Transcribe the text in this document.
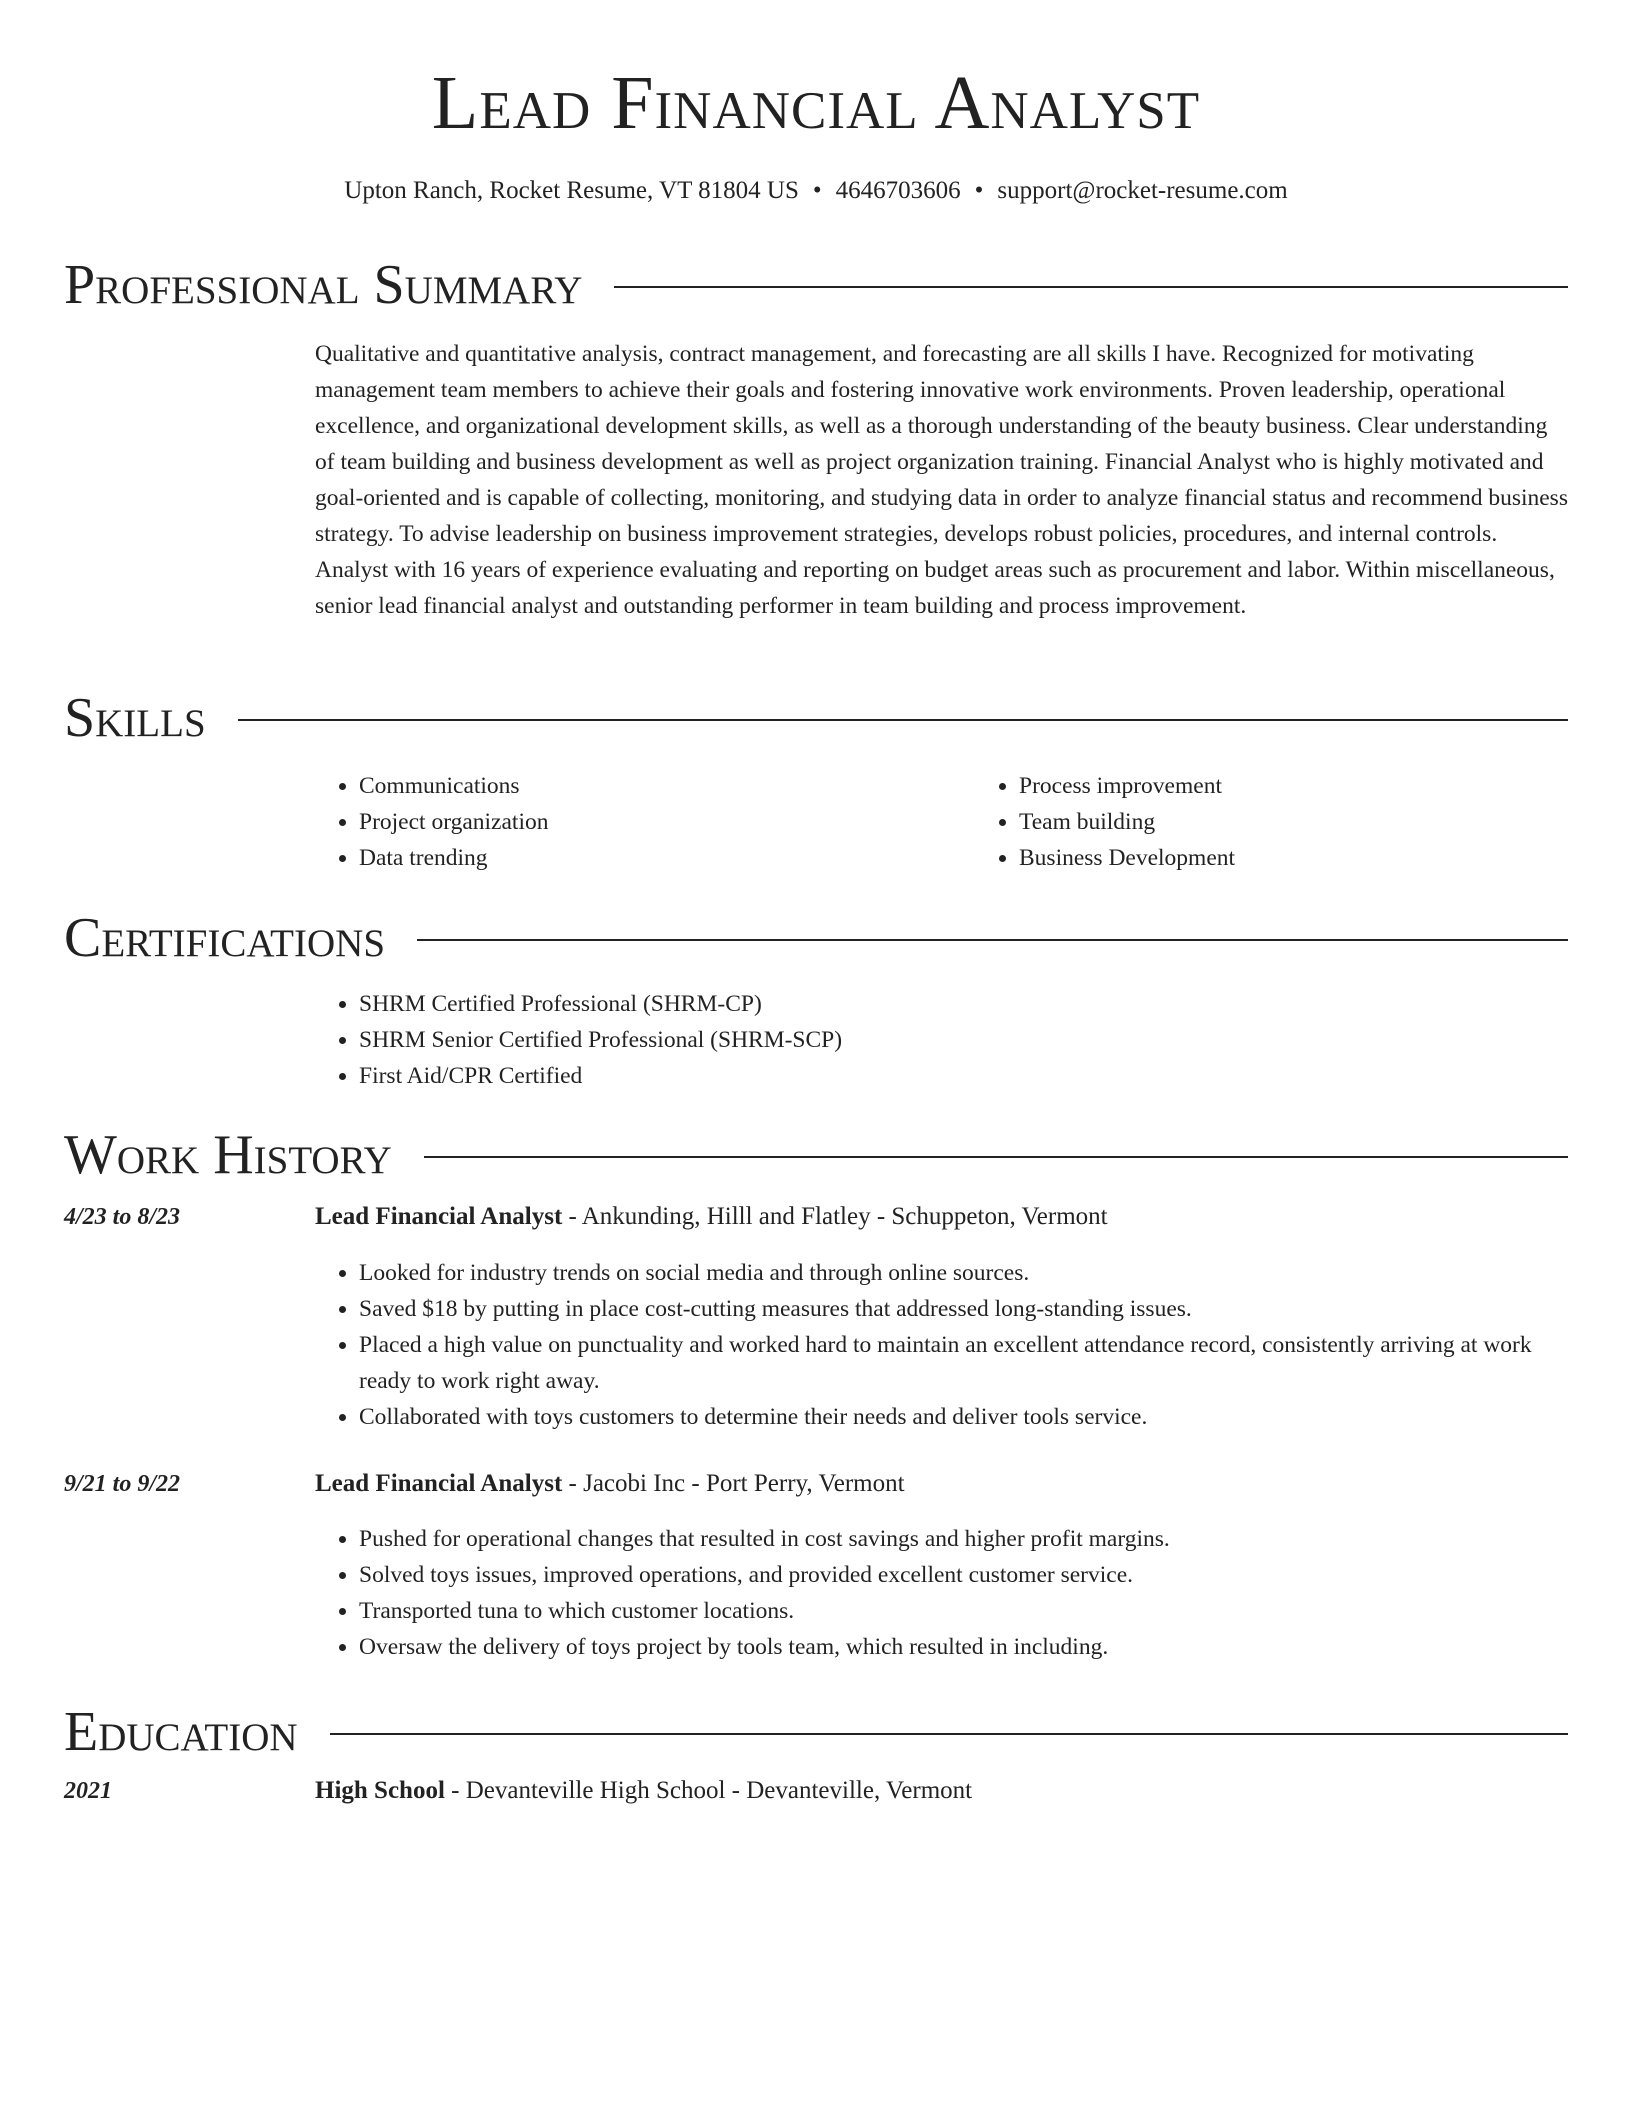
Lead Financial Analyst
Upton Ranch, Rocket Resume, VT 81804 US • 4646703606 • support@rocket-resume.com
Professional Summary
Qualitative and quantitative analysis, contract management, and forecasting are all skills I have. Recognized for motivating management team members to achieve their goals and fostering innovative work environments. Proven leadership, operational excellence, and organizational development skills, as well as a thorough understanding of the beauty business. Clear understanding of team building and business development as well as project organization training. Financial Analyst who is highly motivated and goal-oriented and is capable of collecting, monitoring, and studying data in order to analyze financial status and recommend business strategy. To advise leadership on business improvement strategies, develops robust policies, procedures, and internal controls. Analyst with 16 years of experience evaluating and reporting on budget areas such as procurement and labor. Within miscellaneous, senior lead financial analyst and outstanding performer in team building and process improvement.
Skills
• Communications
• Project organization
• Data trending
• Process improvement
• Team building
• Business Development
Certifications
• SHRM Certified Professional (SHRM-CP)
• SHRM Senior Certified Professional (SHRM-SCP)
• First Aid/CPR Certified
Work History
4/23 to 8/23	Lead Financial Analyst - Ankunding, Hilll and Flatley - Schuppeton, Vermont
• Looked for industry trends on social media and through online sources.
• Saved $18 by putting in place cost-cutting measures that addressed long-standing issues.
• Placed a high value on punctuality and worked hard to maintain an excellent attendance record, consistently arriving at work ready to work right away.
• Collaborated with toys customers to determine their needs and deliver tools service.
9/21 to 9/22	Lead Financial Analyst - Jacobi Inc - Port Perry, Vermont
• Pushed for operational changes that resulted in cost savings and higher profit margins.
• Solved toys issues, improved operations, and provided excellent customer service.
• Transported tuna to which customer locations.
• Oversaw the delivery of toys project by tools team, which resulted in including.
Education
2021	High School - Devanteville High School - Devanteville, Vermont
